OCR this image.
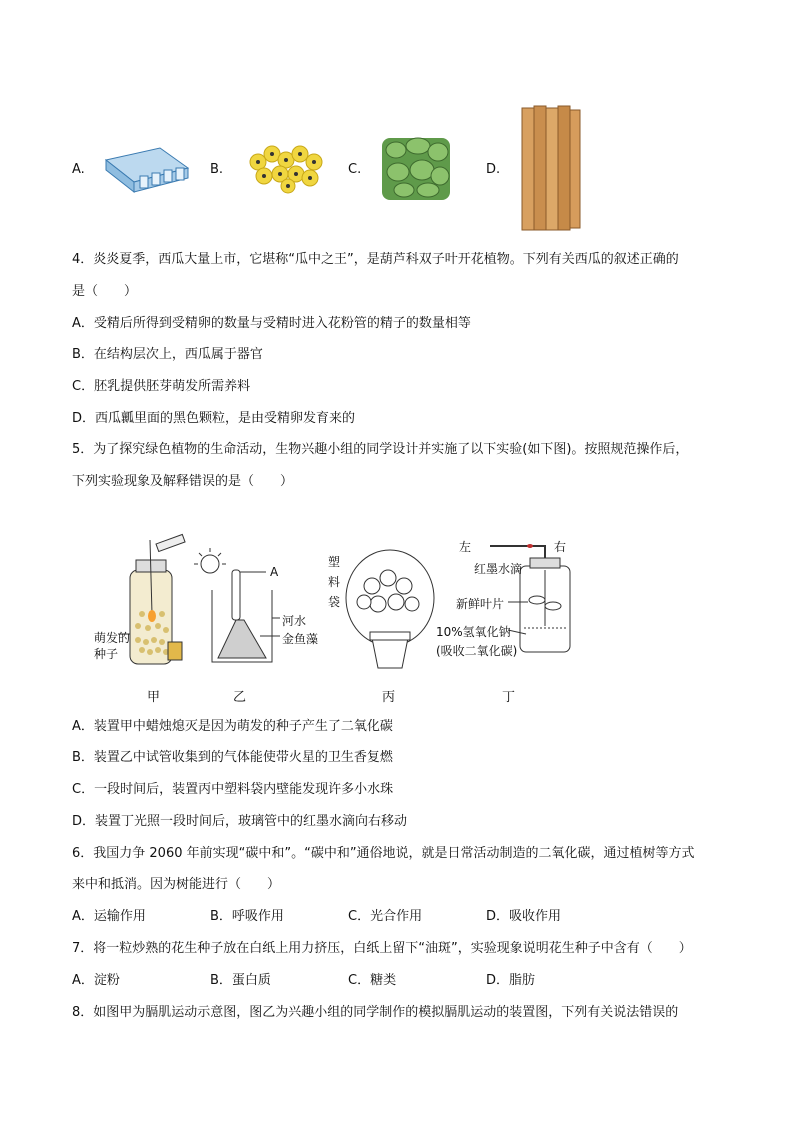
A.	B.	C.	D.
4．炎炎夏季，西瓜大量上市，它堪称“瓜中之王”，是葫芦科双子叶开花植物。下列有关西瓜的叙述正确的
是（　　）
A．受精后所得到受精卵的数量与受精时进入花粉管的精子的数量相等
B．在结构层次上，西瓜属于器官
C．胚乳提供胚芽萌发所需养料
D．西瓜瓤里面的黑色颗粒，是由受精卵发育来的
5．为了探究绿色植物的生命活动，生物兴趣小组的同学设计并实施了以下实验(如下图)。按照规范操作后，
下列实验现象及解释错误的是（　　）
萌发的
种子
A
河水
金鱼藻
塑
料
袋
左	右
红墨水滴
新鲜叶片
10%氢氧化钠
(吸收二氧化碳)
甲	乙	丙	丁
A．装置甲中蜡烛熄灭是因为萌发的种子产生了二氧化碳
B．装置乙中试管收集到的气体能使带火星的卫生香复燃
C．一段时间后，装置丙中塑料袋内壁能发现许多小水珠
D．装置丁光照一段时间后，玻璃管中的红墨水滴向右移动
6．我国力争 2060 年前实现“碳中和”。“碳中和”通俗地说，就是日常活动制造的二氧化碳，通过植树等方式
来中和抵消。因为树能进行（　　）
A．运输作用	B．呼吸作用	C．光合作用	D．吸收作用
7．将一粒炒熟的花生种子放在白纸上用力挤压，白纸上留下“油斑”，实验现象说明花生种子中含有（　　）
A．淀粉	B．蛋白质	C．糖类	D．脂肪
8．如图甲为膈肌运动示意图，图乙为兴趣小组的同学制作的模拟膈肌运动的装置图，下列有关说法错误的
